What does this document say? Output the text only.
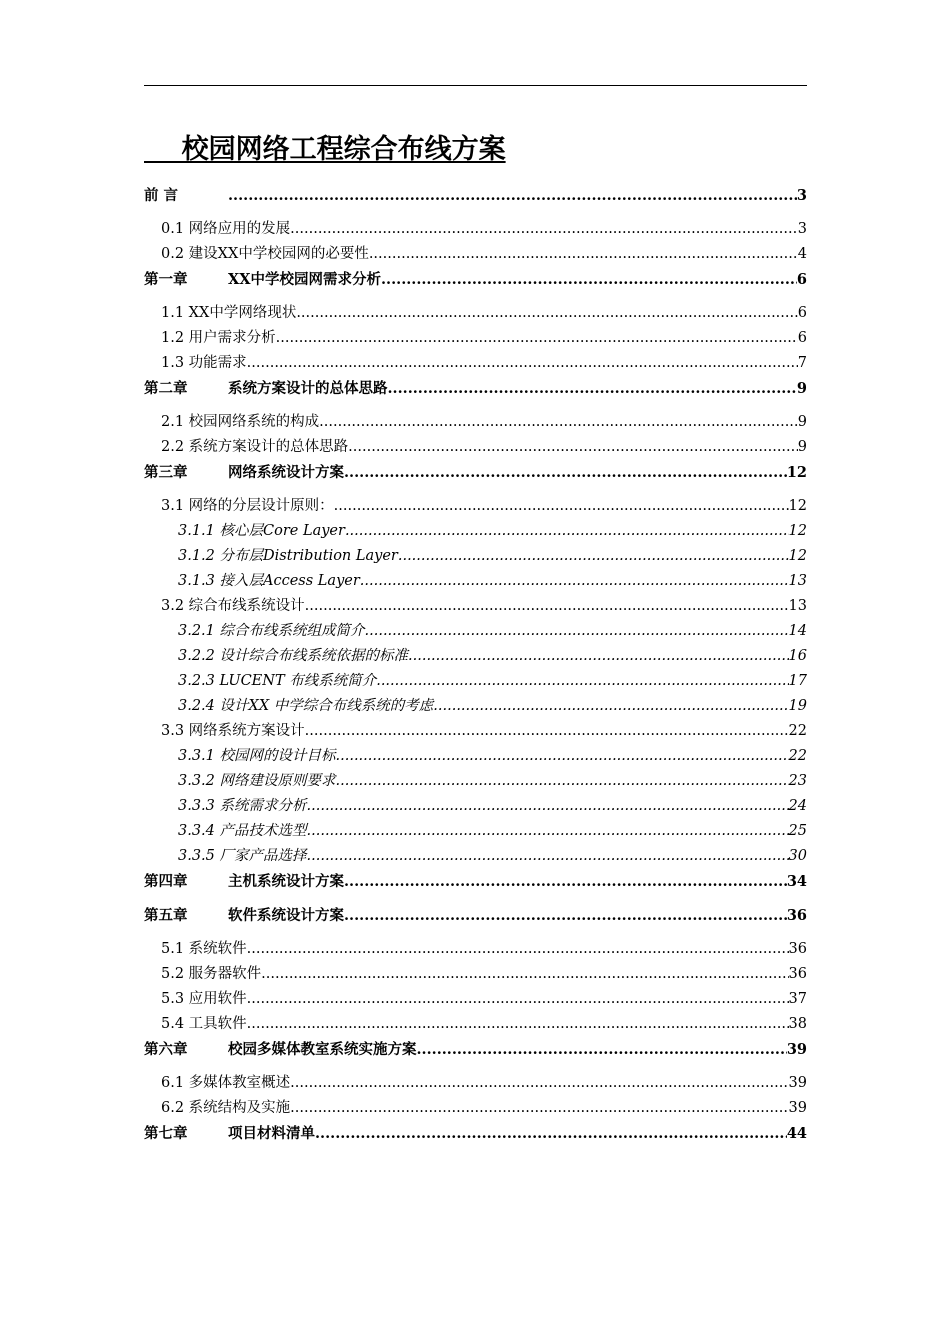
校园网络工程综合布线方案
前 言 .....	3
0.1 网络应用的发展 .....	3
0.2 建设XX中学校园网的必要性 .....	4
第一章	XX中学校园网需求分析 .....	6
1.1 XX中学网络现状 .....	6
1.2 用户需求分析 .....	6
1.3 功能需求 .....	7
第二章	系统方案设计的总体思路 .....	9
2.1 校园网络系统的构成 .....	9
2.2 系统方案设计的总体思路 .....	9
第三章	网络系统设计方案 .....	12
3.1 网络的分层设计原则： .....	12
3.1.1 核心层Core Layer .....	12
3.1.2 分布层Distribution Layer .....	12
3.1.3 接入层Access Layer .....	13
3.2 综合布线系统设计 .....	13
3.2.1 综合布线系统组成简介 .....	14
3.2.2 设计综合布线系统依据的标准 .....	16
3.2.3 LUCENT 布线系统简介 .....	17
3.2.4 设计XX 中学综合布线系统的考虑 .....	19
3.3 网络系统方案设计 .....	22
3.3.1 校园网的设计目标 .....	22
3.3.2 网络建设原则要求 .....	23
3.3.3 系统需求分析 .....	24
3.3.4 产品技术选型 .....	25
3.3.5 厂家产品选择 .....	30
第四章	主机系统设计方案 .....	34
第五章	软件系统设计方案 .....	36
5.1 系统软件 .....	36
5.2 服务器软件 .....	36
5.3 应用软件 .....	37
5.4 工具软件 .....	38
第六章	校园多媒体教室系统实施方案 .....	39
6.1 多媒体教室概述 .....	39
6.2 系统结构及实施 .....	39
第七章	项目材料清单 .....	44
